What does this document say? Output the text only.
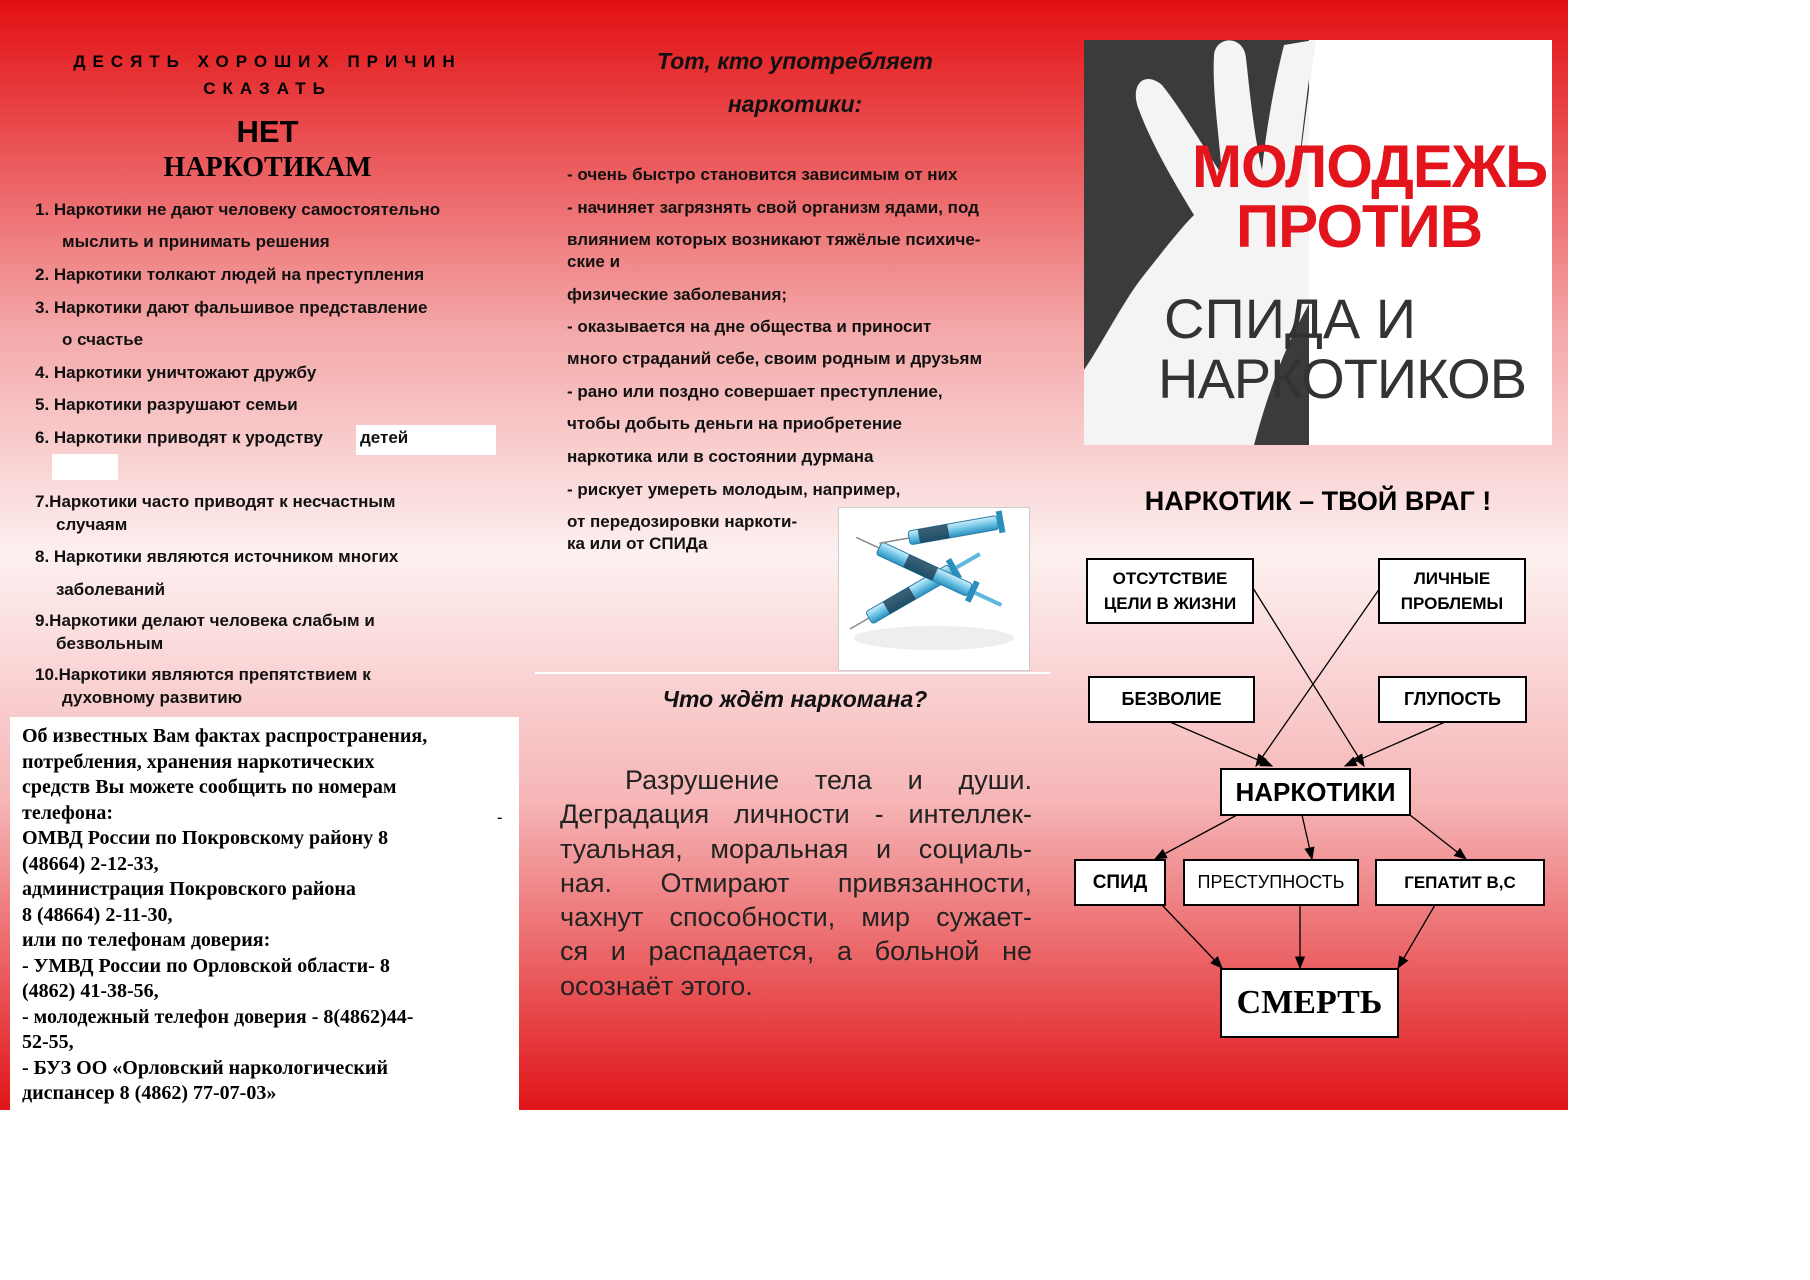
ДЕСЯТЬ ХОРОШИХ ПРИЧИН
СКАЗАТЬ
НЕТ
НАРКОТИКАМ
1. Наркотики не дают человеку самостоятельно
мыслить и принимать решения
2. Наркотики толкают людей на преступления
3. Наркотики дают фальшивое представление
о счастье
4. Наркотики уничтожают дружбу
5. Наркотики разрушают семьи
6. Наркотики приводят к уродству детей
7.Наркотики часто приводят к несчастным
случаям
8. Наркотики являются источником многих
заболеваний
9.Наркотики делают человека слабым и
безвольным
10.Наркотики являются препятствием к
духовному развитию
Об известных Вам фактах распространения,
потребления, хранения наркотических
средств Вы можете сообщить по номерам
телефона:
ОМВД России по Покровскому району 8
(48664) 2-12-33,
администрация Покровского района
8 (48664) 2-11-30,
или по телефонам доверия:
- УМВД России по Орловской области- 8
(4862) 41-38-56,
- молодежный телефон доверия - 8(4862)44-
52-55,
- БУЗ ОО «Орловский наркологический
диспансер 8 (4862) 77-07-03»
-
Тот, кто употребляет
наркотики:
- очень быстро становится зависимым от них
- начиняет загрязнять свой организм ядами, под
влиянием которых возникают тяжёлые психиче-
ские и
физические заболевания;
- оказывается на дне общества и приносит
много страданий себе, своим родным и друзьям
- рано или поздно совершает преступление,
чтобы добыть деньги на приобретение
наркотика или в состоянии дурмана
- рискует умереть молодым, например,
от передозировки наркоти-
ка или от СПИДа
Что ждёт наркомана?
Разрушение тела и души.
Деградация личности - интеллек-
туальная, моральная и социаль-
ная. Отмирают привязанности,
чахнут способности, мир сужает-
ся и распадается, а больной не
осознаёт этого.
МОЛОДЕЖЬ
ПРОТИВ
СПИДА И
НАРКОТИКОВ
НАРКОТИК – ТВОЙ ВРАГ !
ОТСУТСТВИЕ
ЦЕЛИ В ЖИЗНИ
ЛИЧНЫЕ
ПРОБЛЕМЫ
БЕЗВОЛИЕ	ГЛУПОСТЬ
НАРКОТИКИ
СПИД	ПРЕСТУПНОСТЬ	ГЕПАТИТ В,С
СМЕРТЬ
